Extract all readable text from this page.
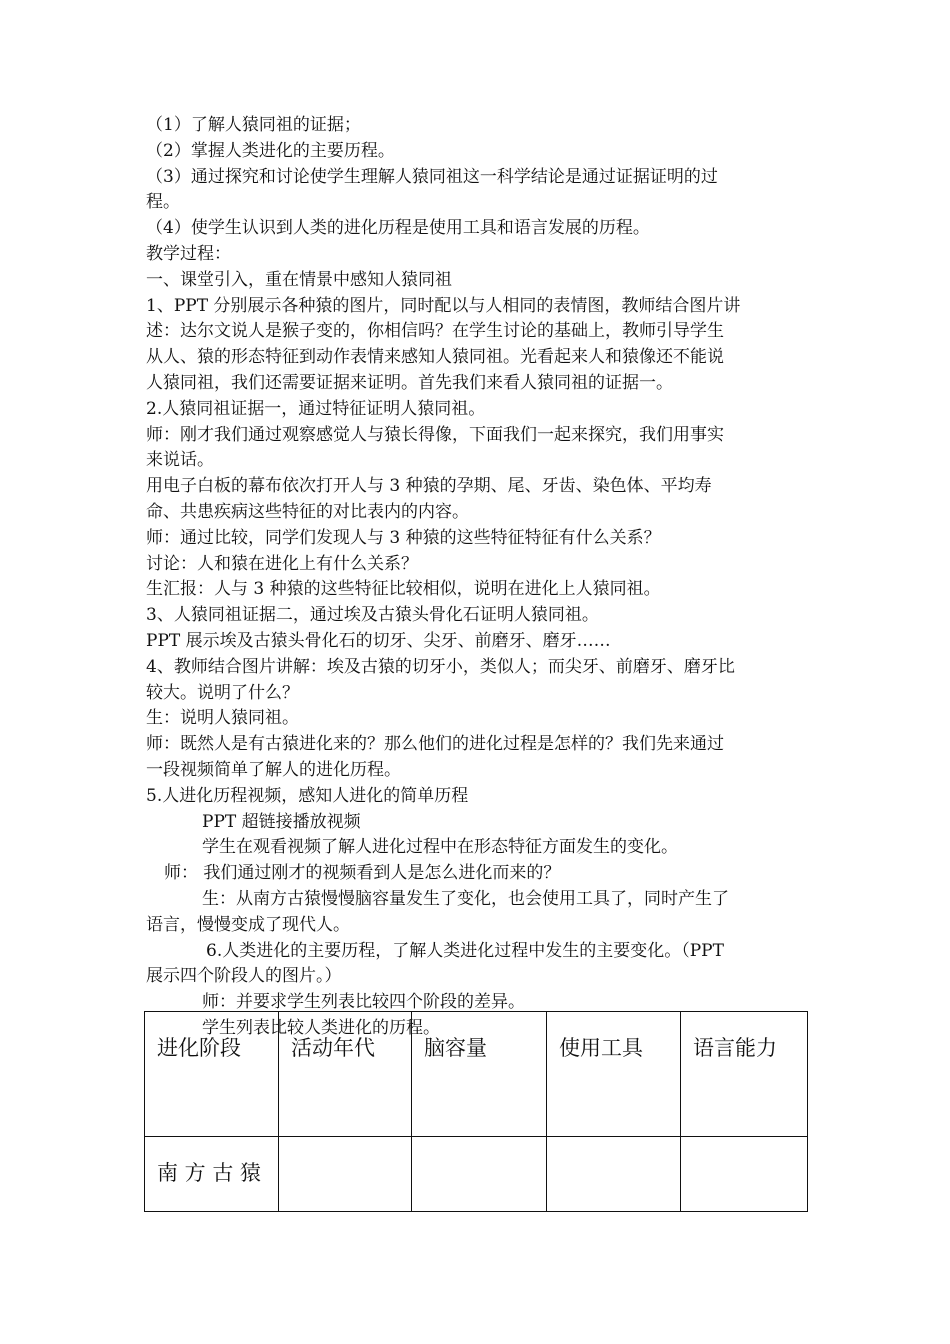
（1）了解人猿同祖的证据；
（2）掌握人类进化的主要历程。
（3）通过探究和讨论使学生理解人猿同祖这一科学结论是通过证据证明的过
程。
（4）使学生认识到人类的进化历程是使用工具和语言发展的历程。
教学过程：
一、课堂引入，重在情景中感知人猿同祖
1、PPT 分别展示各种猿的图片，同时配以与人相同的表情图，教师结合图片讲
述：达尔文说人是猴子变的，你相信吗？在学生讨论的基础上，教师引导学生
从人、猿的形态特征到动作表情来感知人猿同祖。光看起来人和猿像还不能说
人猿同祖，我们还需要证据来证明。首先我们来看人猿同祖的证据一。
2.人猿同祖证据一，通过特征证明人猿同祖。
师：刚才我们通过观察感觉人与猿长得像，下面我们一起来探究，我们用事实
来说话。
用电子白板的幕布依次打开人与 3 种猿的孕期、尾、牙齿、染色体、平均寿
命、共患疾病这些特征的对比表内的内容。
师：通过比较，同学们发现人与 3 种猿的这些特征特征有什么关系？
讨论：人和猿在进化上有什么关系？
生汇报：人与 3 种猿的这些特征比较相似，说明在进化上人猿同祖。
3、人猿同祖证据二，通过埃及古猿头骨化石证明人猿同祖。
PPT 展示埃及古猿头骨化石的切牙、尖牙、前磨牙、磨牙……
4、教师结合图片讲解：埃及古猿的切牙小，类似人；而尖牙、前磨牙、磨牙比
较大。说明了什么？
生：说明人猿同祖。
师：既然人是有古猿进化来的？那么他们的进化过程是怎样的？我们先来通过
一段视频简单了解人的进化历程。
5.人进化历程视频，感知人进化的简单历程
PPT 超链接播放视频
学生在观看视频了解人进化过程中在形态特征方面发生的变化。
师： 我们通过刚才的视频看到人是怎么进化而来的？
生：从南方古猿慢慢脑容量发生了变化，也会使用工具了，同时产生了
语言，慢慢变成了现代人。
6.人类进化的主要历程，了解人类进化过程中发生的主要变化。（PPT
展示四个阶段人的图片。）
师：并要求学生列表比较四个阶段的差异。
学生列表比较人类进化的历程。
进化阶段	活动年代	脑容量	使用工具	语言能力
南 方 古 猿				
